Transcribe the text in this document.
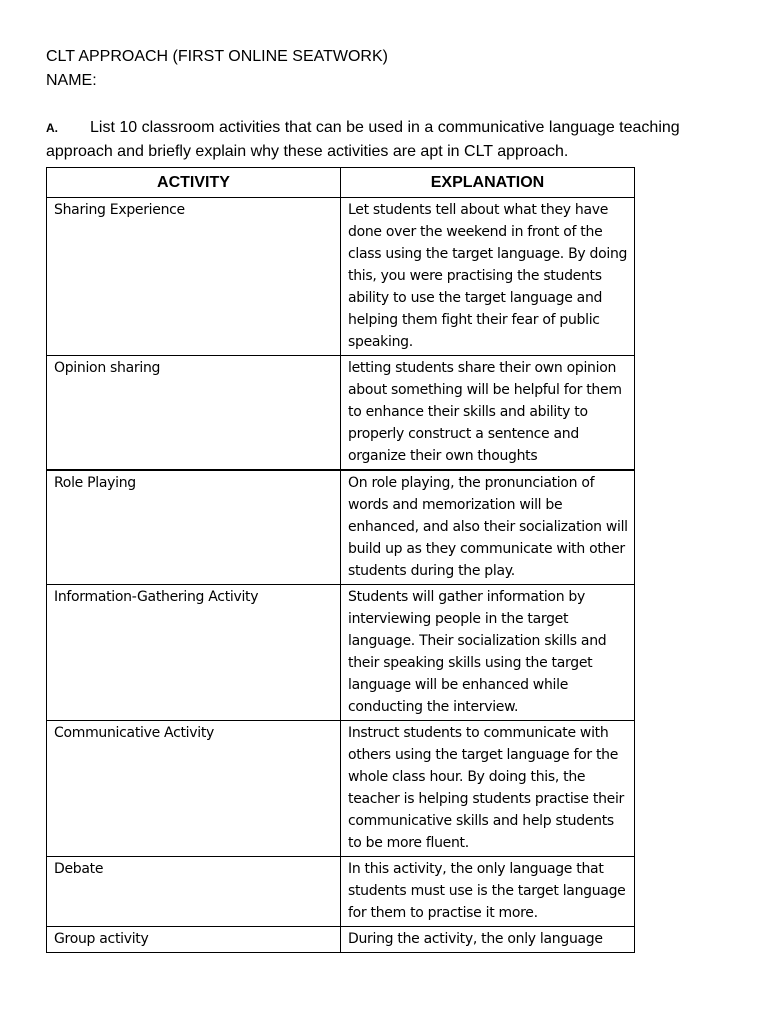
CLT APPROACH (FIRST ONLINE SEATWORK)
NAME:
A. List 10 classroom activities that can be used in a communicative language teaching approach and briefly explain why these activities are apt in CLT approach.
ACTIVITY	EXPLANATION
Sharing Experience	Let students tell about what they have done over the weekend in front of the class using the target language. By doing this, you were practising the students ability to use the target language and helping them fight their fear of public speaking.
Opinion sharing	letting students share their own opinion about something will be helpful for them to enhance their skills and ability to properly construct a sentence and organize their own thoughts
Role Playing	On role playing, the pronunciation of words and memorization will be enhanced, and also their socialization will build up as they communicate with other students during the play.
Information-Gathering Activity	Students will gather information by interviewing people in the target language. Their socialization skills and their speaking skills using the target language will be enhanced while conducting the interview.
Communicative Activity	Instruct students to communicate with others using the target language for the whole class hour. By doing this, the teacher is helping students practise their communicative skills and help students to be more fluent.
Debate	In this activity, the only language that students must use is the target language for them to practise it more.
Group activity	During the activity, the only language
